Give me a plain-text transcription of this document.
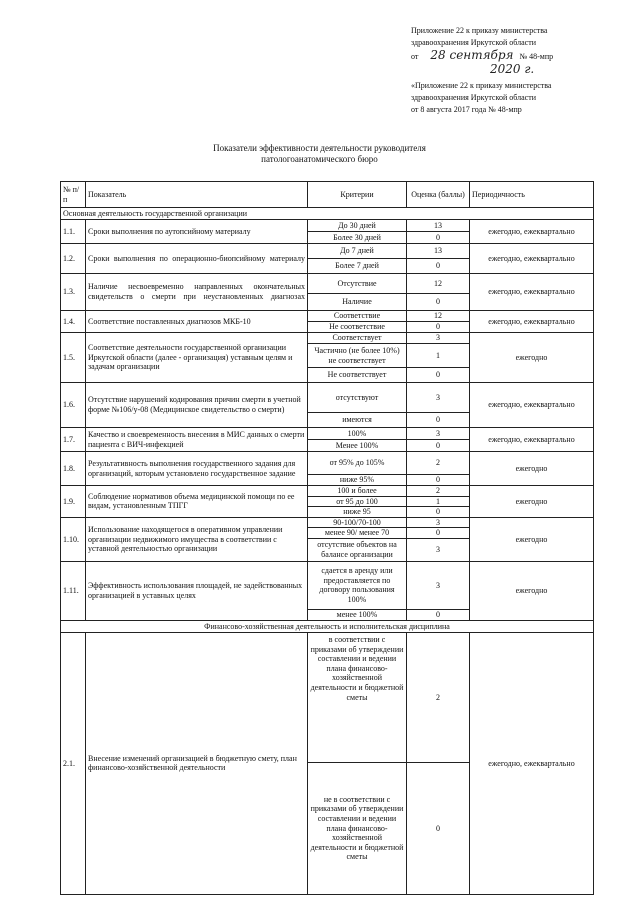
Приложение 22 к приказу министерства
здравоохранения Иркутской области
от 28 сентября № 48-мпр
2020 г.
«Приложение 22 к приказу министерства
здравоохранения Иркутской области
от 8 августа 2017 года № 48-мпр
Показатели эффективности деятельности руководителя
патологоанатомического бюро
№ п/п	Показатель	Критерии	Оценка (баллы)	Периодичность
Основная деятельность государственной организации				
1.1.	Сроки выполнения по аутопсийному материалу	До 30 дней	13	ежегодно, ежеквартально
		Более 30 дней	0	
1.2.	Сроки выполнения по операционно-биопсийному материалу	До 7 дней	13	ежегодно, ежеквартально
		Более 7 дней	0	
1.3.	Наличие несвоевременно направленных окончательных свидетельств о смерти при неустановленных диагнозах	Отсутствие	12	ежегодно, ежеквартально
		Наличие	0	
1.4.	Соответствие поставленных диагнозов МКБ-10	Соответствие	12	ежегодно, ежеквартально
		Не соответствие	0	
1.5.	Соответствие деятельности государственной организации Иркутской области (далее - организация) уставным целям и задачам организации	Соответствует	3	ежегодно
		Частично (не более 10%) не соответствует	1	
		Не соответствует	0	
1.6.	Отсутствие нарушений кодирования причин смерти в учетной форме №106/у-08 (Медицинское свидетельство о смерти)	отсутствуют	3	ежегодно, ежеквартально
		имеются	0	
1.7.	Качество и своевременность внесения в МИС данных о смерти пациента с ВИЧ-инфекцией	100%	3	ежегодно, ежеквартально
		Менее 100%	0	
1.8.	Результативность выполнения государственного задания для организаций, которым установлено государственное задание	от 95% до 105%	2	ежегодно
		ниже 95%	0	
1.9.	Соблюдение нормативов объема медицинской помощи по ее видам, установленным ТПГГ	100 и более	2	ежегодно
		от 95 до 100	1	
		ниже 95	0	
1.10.	Использование находящегося в оперативном управлении организации недвижимого имущества в соответствии с уставной деятельностью организации	90-100/70-100	3	ежегодно
		менее 90/ менее 70	0	
		отсутствие объектов на балансе организации	3	
1.11.	Эффективность использования площадей, не задействованных организацией в уставных целях	сдается в аренду или предоставляется по договору пользования 100%	3	ежегодно
		менее 100%	0	
Финансово-хозяйственная деятельность и исполнительская дисциплина				
2.1.	Внесение изменений организацией в бюджетную смету, план финансово-хозяйственной деятельности	в соответствии с приказами об утверждении составлении и ведении плана финансово-хозяйственной деятельности и бюджетной сметы	2	ежегодно, ежеквартально
		не в соответствии с приказами об утверждении составлении и ведении плана финансово-хозяйственной деятельности и бюджетной сметы	0	
